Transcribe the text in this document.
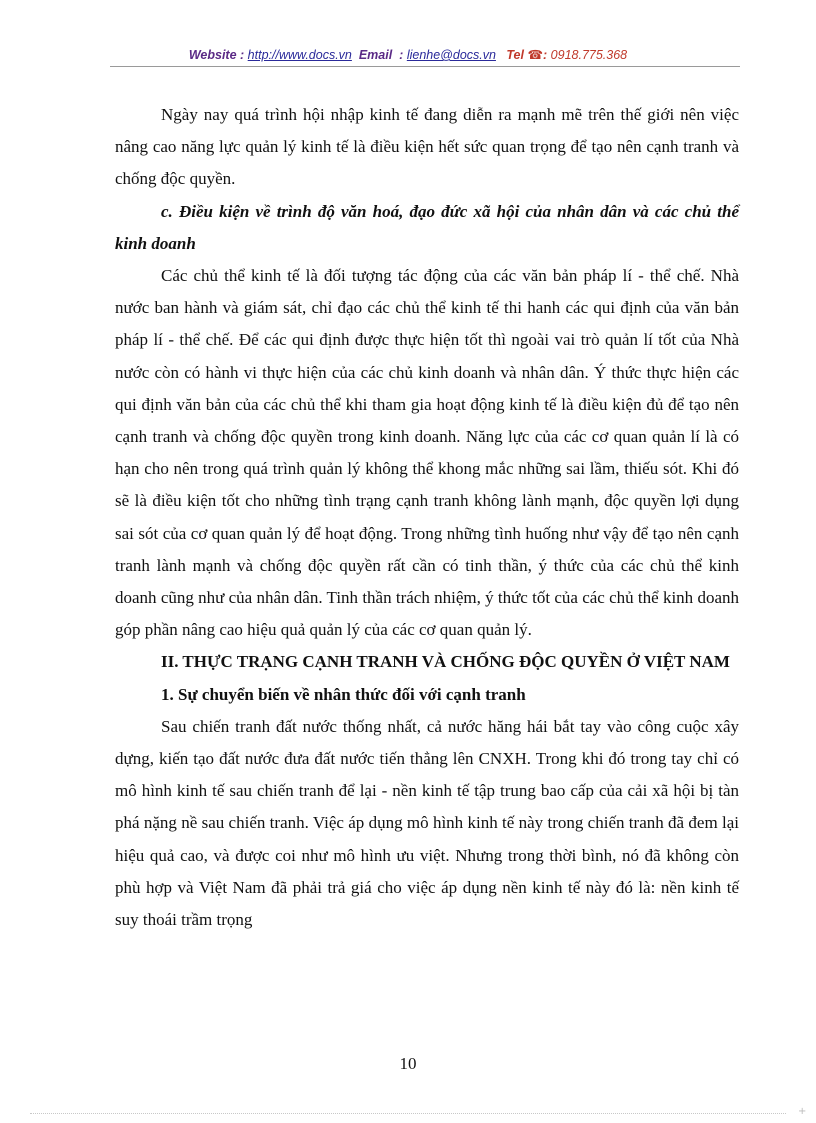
Website : http://www.docs.vn Email : lienhe@docs.vn Tel ☎: 0918.775.368

Ngày nay quá trình hội nhập kinh tế đang diễn ra mạnh mẽ trên thế giới nên việc nâng cao năng lực quản lý kinh tế là điều kiện hết sức quan trọng để tạo nên cạnh tranh và chống độc quyền.

c. Điều kiện về trình độ văn hoá, đạo đức xã hội của nhân dân và các chủ thể kinh doanh

Các chủ thể kinh tế là đối tượng tác động của các văn bản pháp lí - thể chế. Nhà nước ban hành và giám sát, chỉ đạo các chủ thể kinh tế thi hanh các qui định của văn bản pháp lí - thể chế. Để các qui định được thực hiện tốt thì ngoài vai trò quản lí tốt của Nhà nước còn có hành vi thực hiện của các chủ kinh doanh và nhân dân. Ý thức thực hiện các qui định văn bản của các chủ thể khi tham gia hoạt động kinh tế là điều kiện đủ để tạo nên cạnh tranh và chống độc quyền trong kinh doanh. Năng lực của các cơ quan quản lí là có hạn cho nên trong quá trình quản lý không thể khong mắc những sai lầm, thiếu sót. Khi đó sẽ là điều kiện tốt cho những tình trạng cạnh tranh không lành mạnh, độc quyền lợi dụng sai sót của cơ quan quản lý để hoạt động. Trong những tình huống như vậy để tạo nên cạnh tranh lành mạnh và chống độc quyền rất cần có tinh thần, ý thức của các chủ thể kinh doanh cũng như của nhân dân. Tinh thần trách nhiệm, ý thức tốt của các chủ thể kinh doanh góp phần nâng cao hiệu quả quản lý của các cơ quan quản lý.

II. THỰC TRẠNG CẠNH TRANH VÀ CHỐNG ĐỘC QUYỀN Ở VIỆT NAM

1. Sự chuyển biến về nhân thức đối với cạnh tranh

Sau chiến tranh đất nước thống nhất, cả nước hăng hái bắt tay vào công cuộc xây dựng, kiến tạo đất nước đưa đất nước tiến thẳng lên CNXH. Trong khi đó trong tay chỉ có mô hình kinh tế sau chiến tranh để lại - nền kinh tế tập trung bao cấp của cải xã hội bị tàn phá nặng nề sau chiến tranh. Việc áp dụng mô hình kinh tế này trong chiến tranh đã đem lại hiệu quả cao, và được coi như mô hình ưu việt. Nhưng trong thời bình, nó đã không còn phù hợp và Việt Nam đã phải trả giá cho việc áp dụng nền kinh tế này đó là: nền kinh tế suy thoái trầm trọng

10
+
